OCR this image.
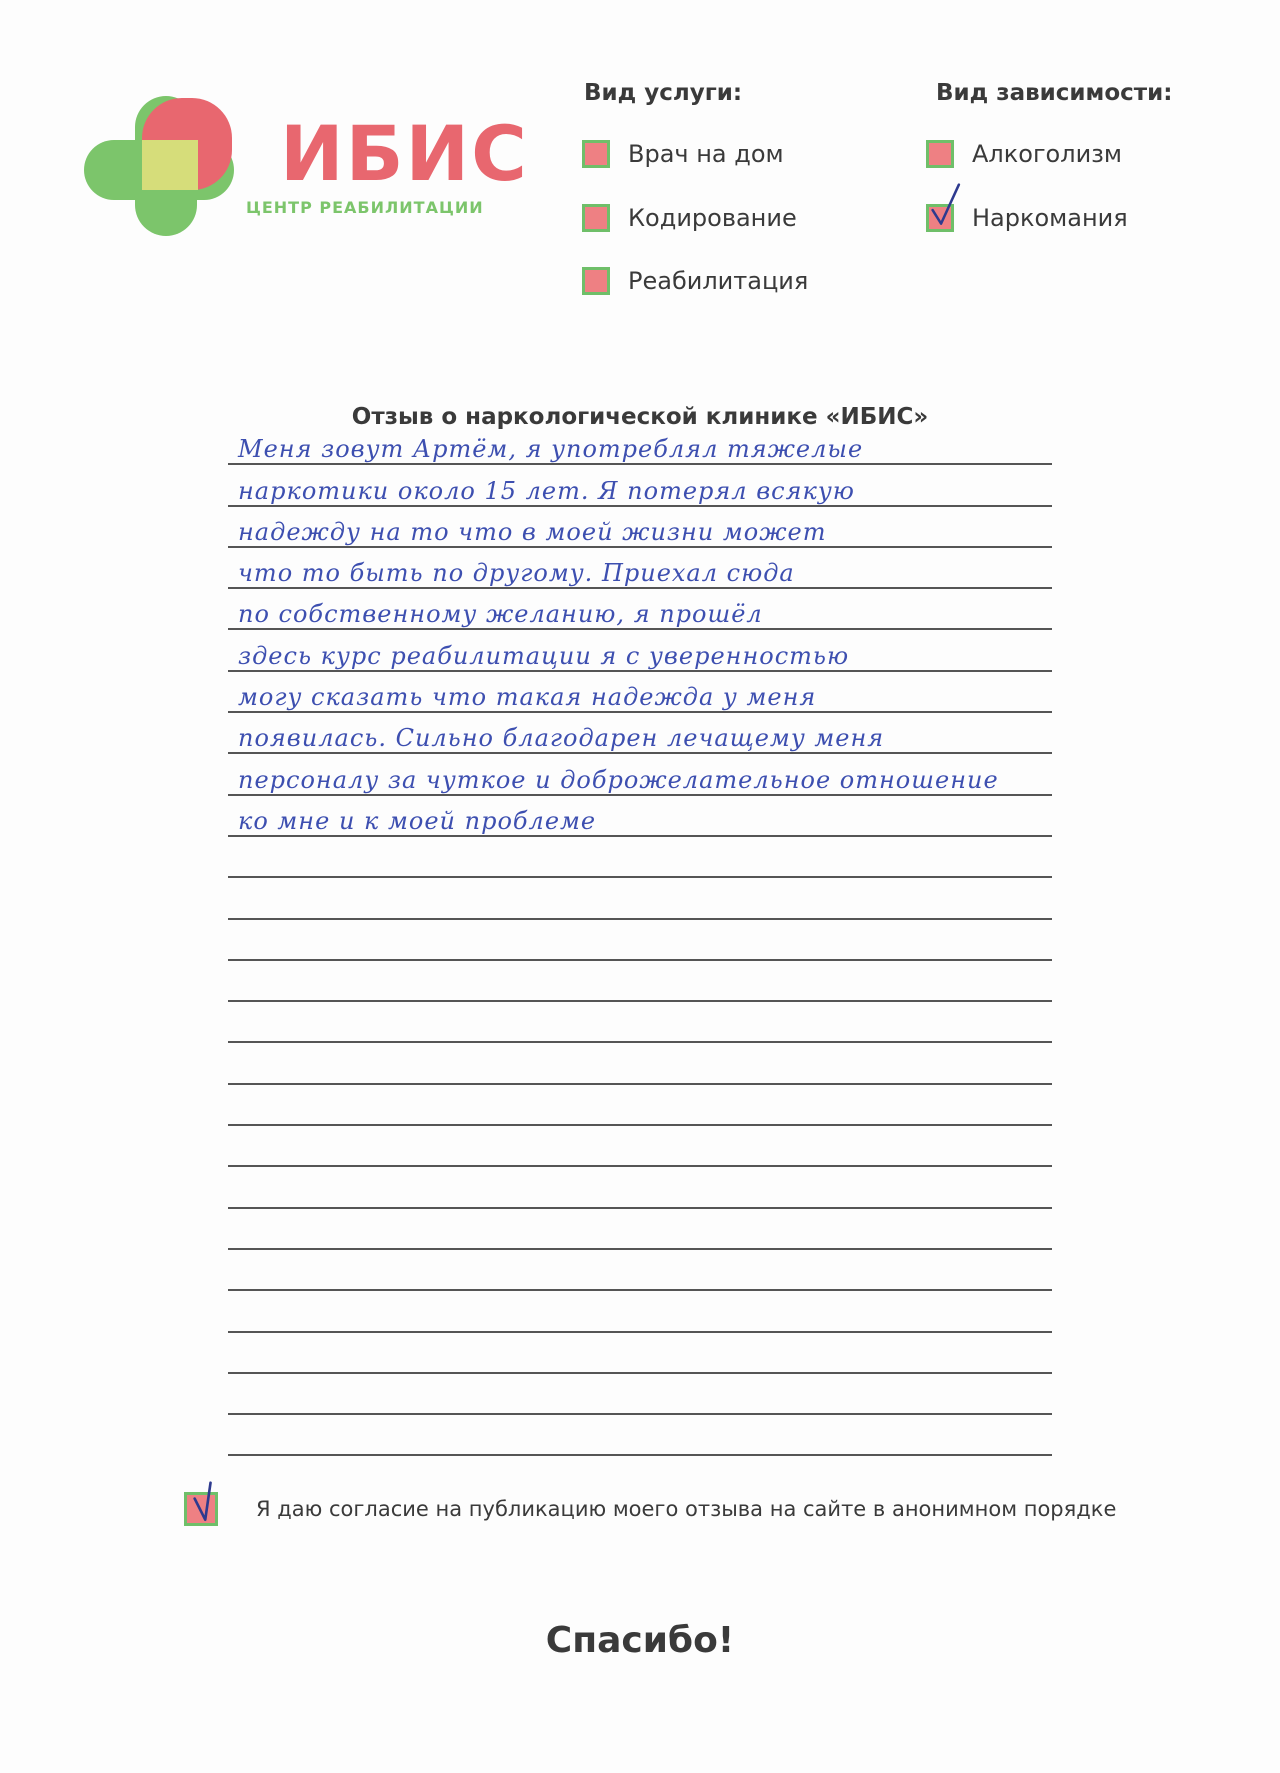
ИБИС
ЦЕНТР РЕАБИЛИТАЦИИ
Вид услуги:
Врач на дом
Кодирование
Реабилитация
Вид зависимости:
Алкоголизм
Наркомания
Отзыв о наркологической клинике «ИБИС»
Меня зовут Артём, я употреблял тяжелые
наркотики около 15 лет. Я потерял всякую
надежду на то что в моей жизни может
что то быть по другому. Приехал сюда
по собственному желанию, я прошёл
здесь курс реабилитации я с уверенностью
могу сказать что такая надежда у меня
появилась. Сильно благодарен лечащему меня
персоналу за чуткое и доброжелательное отношение
ко мне и к моей проблеме
Я даю согласие на публикацию моего отзыва на сайте в анонимном порядке
Спасибо!
